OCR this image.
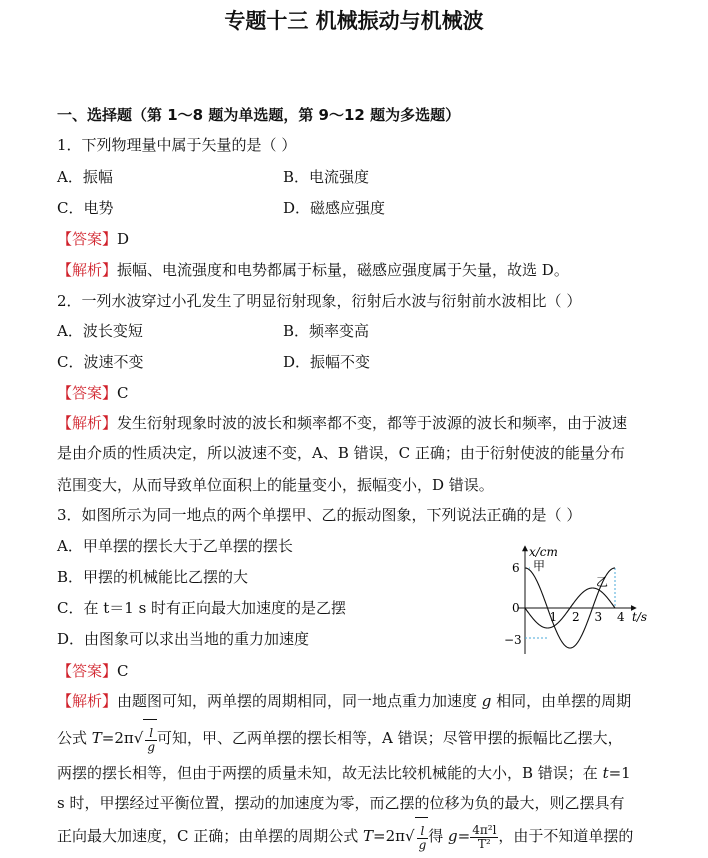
专题十三 机械振动与机械波
一、选择题（第 1～8 题为单选题，第 9～12 题为多选题）
1．下列物理量中属于矢量的是（ ）
A．振幅	B．电流强度
C．电势	D．磁感应强度
【答案】D
【解析】振幅、电流强度和电势都属于标量，磁感应强度属于矢量，故选 D。
2．一列水波穿过小孔发生了明显衍射现象，衍射后水波与衍射前水波相比（ ）
A．波长变短	B．频率变高
C．波速不变	D．振幅不变
【答案】C
【解析】发生衍射现象时波的波长和频率都不变，都等于波源的波长和频率，由于波速
是由介质的性质决定，所以波速不变，A、B 错误，C 正确；由于衍射使波的能量分布
范围变大，从而导致单位面积上的能量变小，振幅变小，D 错误。
3．如图所示为同一地点的两个单摆甲、乙的振动图象，下列说法正确的是（ ）
A．甲单摆的摆长大于乙单摆的摆长
B．甲摆的机械能比乙摆的大
C．在 t＝1 s 时有正向最大加速度的是乙摆
D．由图象可以求出当地的重力加速度
x/cm
t/s
6
0
−3
1 2 3 4
甲
乙
【答案】C
【解析】由题图可知，两单摆的周期相同，同一地点重力加速度 g 相同，由单摆的周期
公式 $T=2\pi√ \frac{l}{g}$ 可知，甲、乙两单摆的摆长相等，A 错误；尽管甲摆的振幅比乙摆大，
两摆的摆长相等，但由于两摆的质量未知，故无法比较机械能的大小，B 错误；在 t=1
s 时，甲摆经过平衡位置，摆动的加速度为零，而乙摆的位移为负的最大，则乙摆具有
正向最大加速度，C 正确；由单摆的周期公式 $T=2\pi√ \frac{l}{g}$ 得 $g= \frac{\text{4π²l}}{\text{T²}}$ ，由于不知道单摆的
